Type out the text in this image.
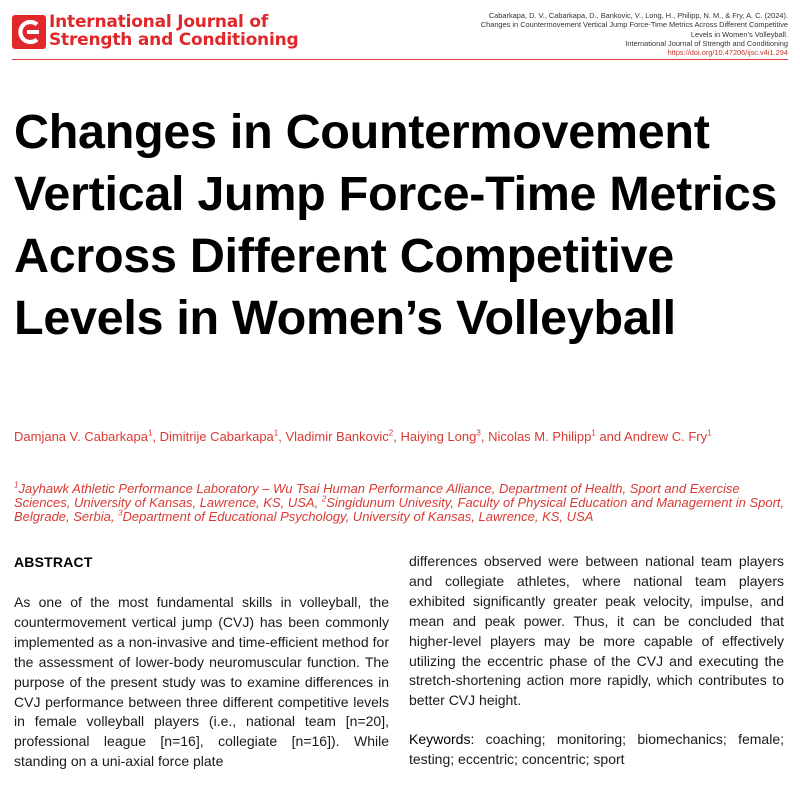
International Journal of
Strength and Conditioning
Cabarkapa, D. V., Cabarkapa, D., Bankovic, V., Long, H., Philipp, N. M., & Fry, A. C. (2024).
Changes in Countermovement Vertical Jump Force-Time Metrics Across Different Competitive
Levels in Women’s Volleyball.
International Journal of Strength and Conditioning
https://doi.org/10.47206/ijsc.v4i1.294
Changes in Countermovement Vertical Jump Force-Time Metrics Across Different Competitive Levels in Women’s Volleyball
Damjana V. Cabarkapa$^1$, Dimitrije Cabarkapa$^1$, Vladimir Bankovic$^2$, Haiying Long$^3$, Nicolas M. Philipp$^1$ and Andrew C. Fry$^1$
$^1$Jayhawk Athletic Performance Laboratory – Wu Tsai Human Performance Alliance, Department of Health, Sport and Exercise Sciences, University of Kansas, Lawrence, KS, USA, $^2$Singidunum Univesity, Faculty of Physical Education and Management in Sport, Belgrade, Serbia, $^3$Department of Educational Psychology, University of Kansas, Lawrence, KS, USA
ABSTRACT

As one of the most fundamental skills in volleyball, the countermovement vertical jump (CVJ) has been commonly implemented as a non-invasive and time-efficient method for the assessment of lower-body neuromuscular function. The purpose of the present study was to examine differences in CVJ performance between three different competitive levels in female volleyball players (i.e., national team [n=20], professional league [n=16], collegiate [n=16]). While standing on a uni-axial force plate

differences observed were between national team players and collegiate athletes, where national team players exhibited significantly greater peak velocity, impulse, and mean and peak power. Thus, it can be concluded that higher-level players may be more capable of effectively utilizing the eccentric phase of the CVJ and executing the stretch-shortening action more rapidly, which contributes to better CVJ height.

Keywords: coaching; monitoring; biomechanics; female; testing; eccentric; concentric; sport
